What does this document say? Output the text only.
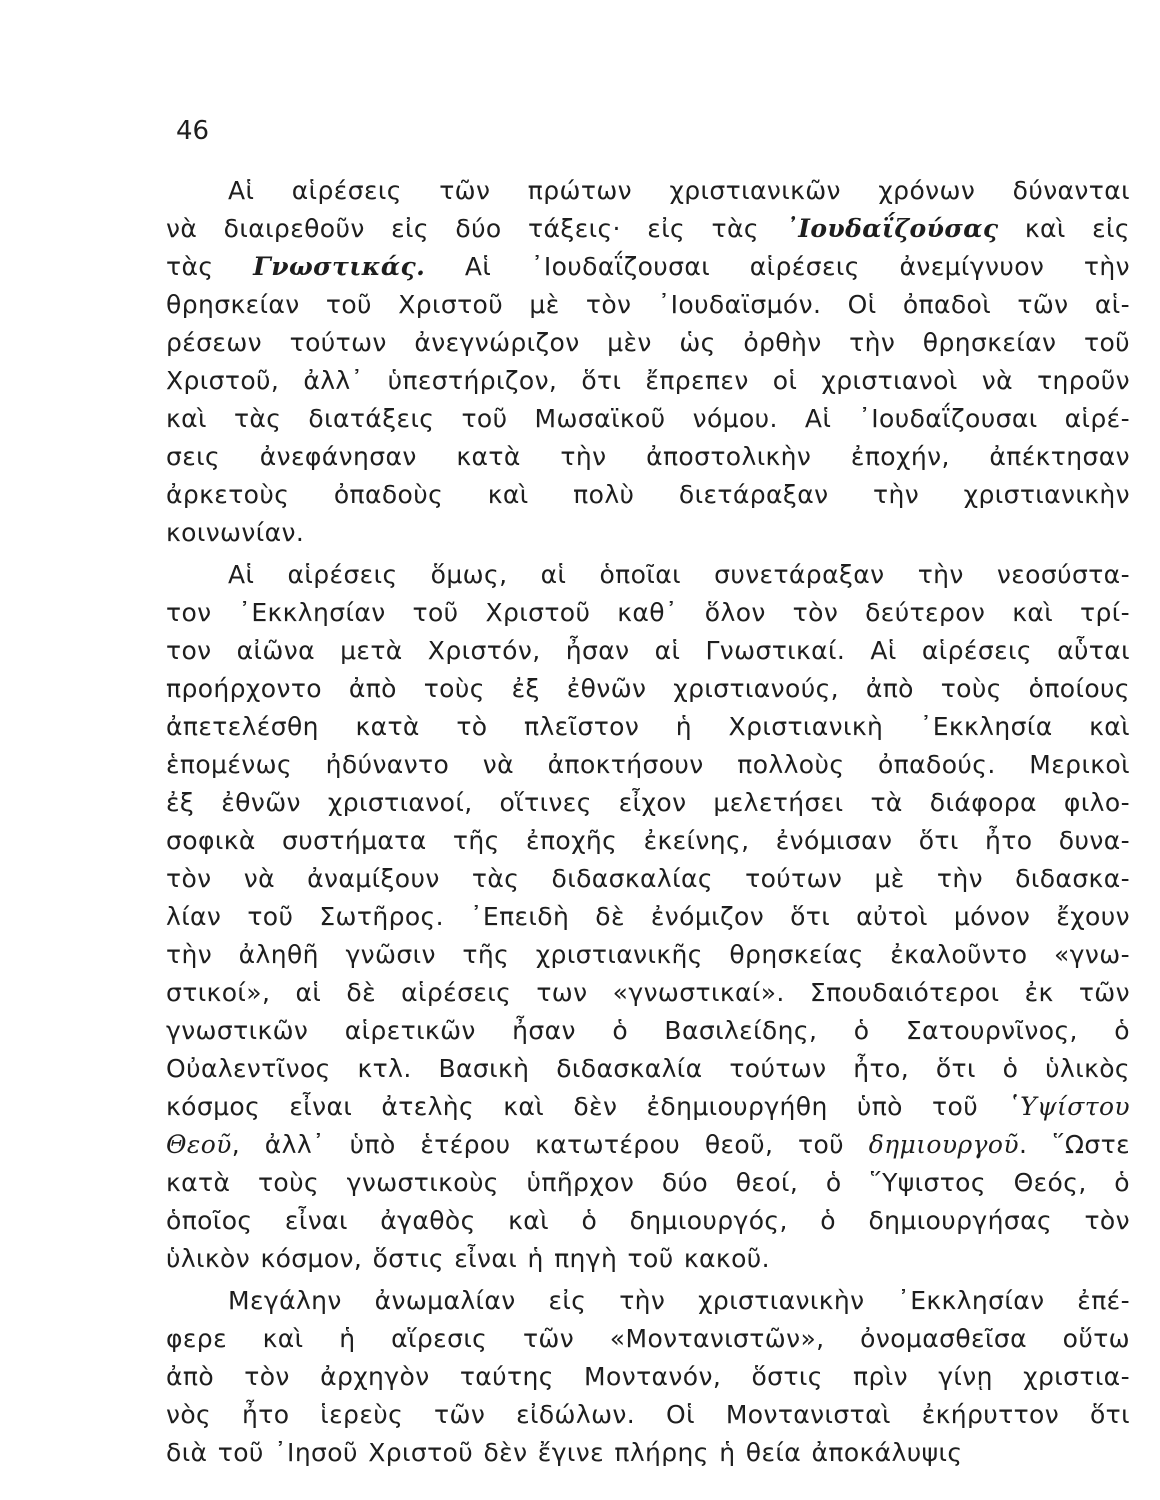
46
Αἱ αἱρέσεις τῶν πρώτων χριστιανικῶν χρόνων δύνανται
νὰ διαιρεθοῦν εἰς δύο τάξεις· εἰς τὰς ᾿Ιουδαΐζούσας καὶ εἰς
τὰς Γνωστικάς. Αἱ ᾿Ιουδαΐζουσαι αἱρέσεις ἀνεμίγνυον τὴν
θρησκείαν τοῦ Χριστοῦ μὲ τὸν ᾿Ιουδαϊσμόν. Οἱ ὀπαδοὶ τῶν αἱ-
ρέσεων τούτων ἀνεγνώριζον μὲν ὡς ὀρθὴν τὴν θρησκείαν τοῦ
Χριστοῦ, ἀλλ᾿ ὑπεστήριζον, ὅτι ἔπρεπεν οἱ χριστιανοὶ νὰ τηροῦν
καὶ τὰς διατάξεις τοῦ Μωσαϊκοῦ νόμου. Αἱ ᾿Ιουδαΐζουσαι αἱρέ-
σεις ἀνεφάνησαν κατὰ τὴν ἀποστολικὴν ἐποχήν, ἀπέκτησαν
ἀρκετοὺς ὀπαδοὺς καὶ πολὺ διετάραξαν τὴν χριστιανικὴν
κοινωνίαν.
Αἱ αἱρέσεις ὅμως, αἱ ὁποῖαι συνετάραξαν τὴν νεοσύστα-
τον ᾿Εκκλησίαν τοῦ Χριστοῦ καθ᾿ ὅλον τὸν δεύτερον καὶ τρί-
τον αἰῶνα μετὰ Χριστόν, ἦσαν αἱ Γνωστικαί. Αἱ αἱρέσεις αὗται
προήρχοντο ἀπὸ τοὺς ἐξ ἐθνῶν χριστιανούς, ἀπὸ τοὺς ὁποίους
ἀπετελέσθη κατὰ τὸ πλεῖστον ἡ Χριστιανικὴ ᾿Εκκλησία καὶ
ἑπομένως ἠδύναντο νὰ ἀποκτήσουν πολλοὺς ὀπαδούς. Μερικοὶ
ἐξ ἐθνῶν χριστιανοί, οἵτινες εἶχον μελετήσει τὰ διάφορα φιλο-
σοφικὰ συστήματα τῆς ἐποχῆς ἐκείνης, ἐνόμισαν ὅτι ἦτο δυνα-
τὸν νὰ ἀναμίξουν τὰς διδασκαλίας τούτων μὲ τὴν διδασκα-
λίαν τοῦ Σωτῆρος. ᾿Επειδὴ δὲ ἐνόμιζον ὅτι αὐτοὶ μόνον ἔχουν
τὴν ἀληθῆ γνῶσιν τῆς χριστιανικῆς θρησκείας ἐκαλοῦντο «γνω-
στικοί», αἱ δὲ αἱρέσεις των «γνωστικαί». Σπουδαιότεροι ἐκ τῶν
γνωστικῶν αἱρετικῶν ἦσαν ὁ Βασιλείδης, ὁ Σατουρνῖνος, ὁ
Οὐαλεντῖνος κτλ. Βασικὴ διδασκαλία τούτων ἦτο, ὅτι ὁ ὑλικὸς
κόσμος εἶναι ἀτελὴς καὶ δὲν ἐδημιουργήθη ὑπὸ τοῦ ῾Υψίστου
Θεοῦ, ἀλλ᾿ ὑπὸ ἑτέρου κατωτέρου θεοῦ, τοῦ δημιουργοῦ. ῞Ωστε
κατὰ τοὺς γνωστικοὺς ὑπῆρχον δύο θεοί, ὁ ῞Υψιστος Θεός, ὁ
ὁποῖος εἶναι ἀγαθὸς καὶ ὁ δημιουργός, ὁ δημιουργήσας τὸν
ὑλικὸν κόσμον, ὅστις εἶναι ἡ πηγὴ τοῦ κακοῦ.
Μεγάλην ἀνωμαλίαν εἰς τὴν χριστιανικὴν ᾿Εκκλησίαν ἐπέ-
φερε καὶ ἡ αἵρεσις τῶν «Μοντανιστῶν», ὀνομασθεῖσα οὕτω
ἀπὸ τὸν ἀρχηγὸν ταύτης Μοντανόν, ὅστις πρὶν γίνῃ χριστια-
νὸς ἦτο ἱερεὺς τῶν εἰδώλων. Οἱ Μοντανισταὶ ἐκήρυττον ὅτι
διὰ τοῦ ᾿Ιησοῦ Χριστοῦ δὲν ἔγινε πλήρης ἡ θεία ἀποκάλυψις
